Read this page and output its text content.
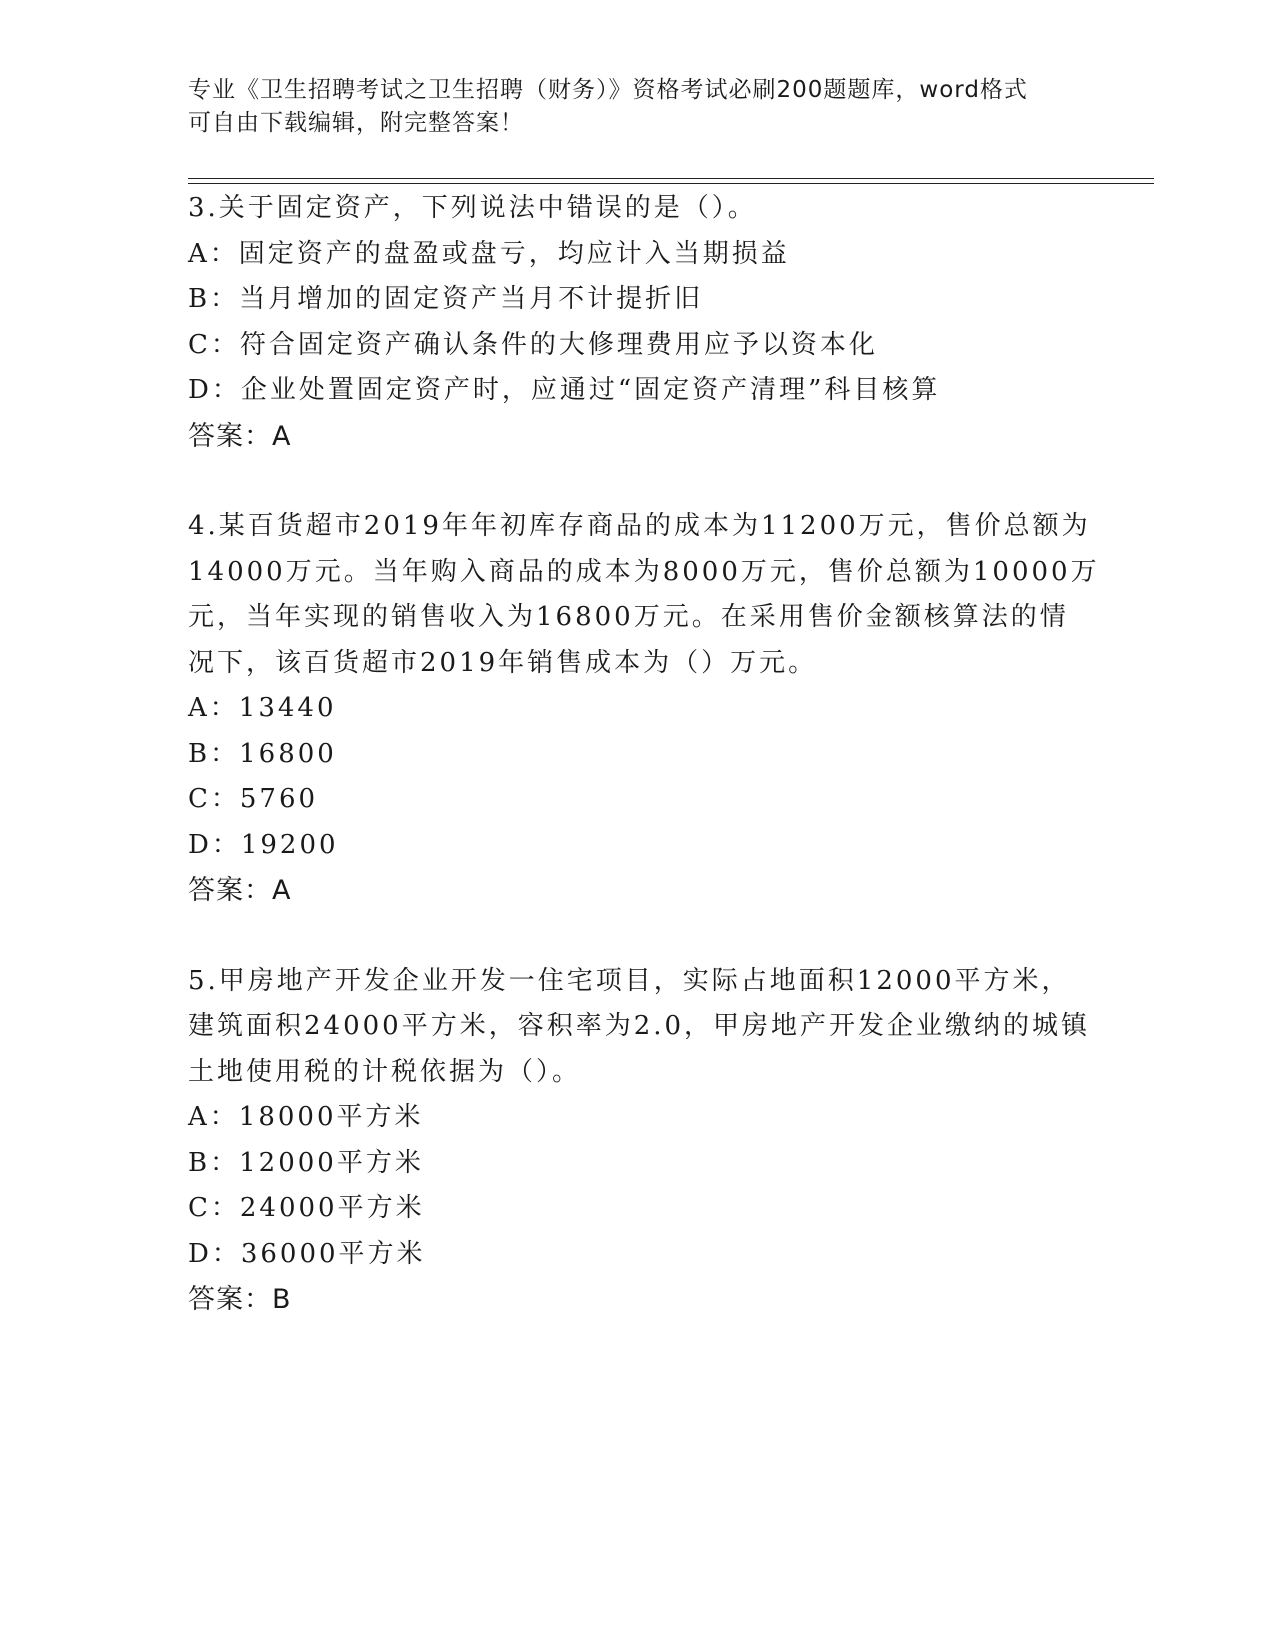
专业《卫生招聘考试之卫生招聘（财务）》资格考试必刷200题题库，word格式
可自由下载编辑，附完整答案！
3.关于固定资产，下列说法中错误的是（）。
A：固定资产的盘盈或盘亏，均应计入当期损益
B：当月增加的固定资产当月不计提折旧
C：符合固定资产确认条件的大修理费用应予以资本化
D：企业处置固定资产时，应通过“固定资产清理”科目核算
答案：A
4.某百货超市2019年年初库存商品的成本为11200万元，售价总额为
14000万元。当年购入商品的成本为8000万元，售价总额为10000万
元，当年实现的销售收入为16800万元。在采用售价金额核算法的情
况下，该百货超市2019年销售成本为（）万元。
A：13440
B：16800
C：5760
D：19200
答案：A
5.甲房地产开发企业开发一住宅项目，实际占地面积12000平方米，
建筑面积24000平方米，容积率为2.0，甲房地产开发企业缴纳的城镇
土地使用税的计税依据为（）。
A：18000平方米
B：12000平方米
C：24000平方米
D：36000平方米
答案：B
